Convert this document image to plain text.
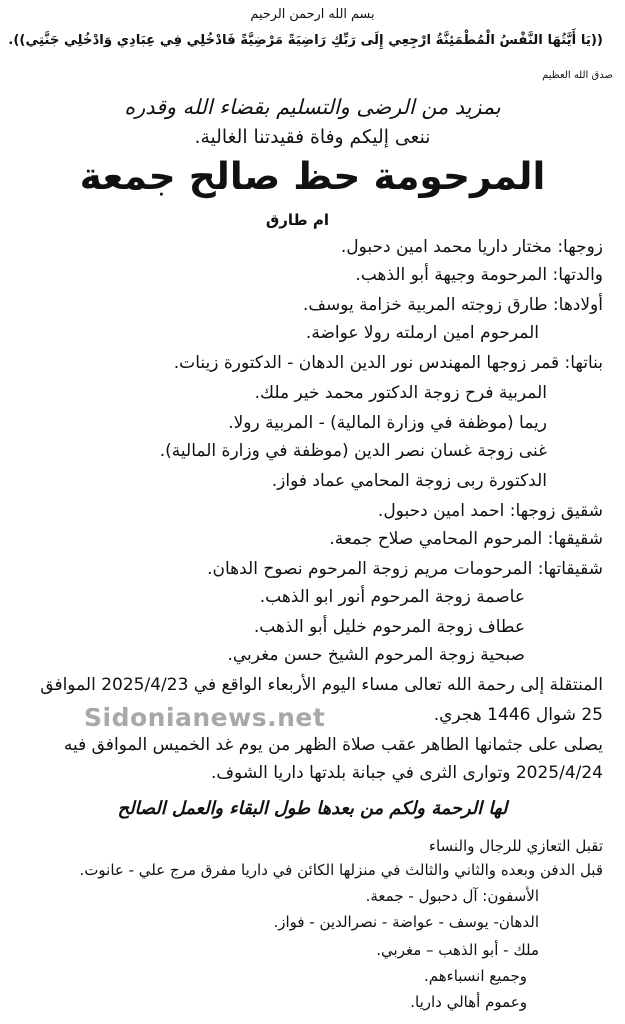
بسم الله ارحمن الرحيم
((يَا أَيَّتُهَا النَّفْسُ الْمُطْمَئِنَّةُ ارْجِعِي إِلَى رَبِّكِ رَاضِيَةً مَرْضِيَّةً فَادْخُلِي فِي عِبَادِي وَادْخُلِي جَنَّتِي)).
صدق الله العظيم
بمزيد من الرضى والتسليم بقضاء الله وقدره
ننعى إليكم وفاة فقيدتنا الغالية.
المرحومة حظ صالح جمعة
ام طارق
زوجها: مختار داريا محمد امين دحبول.
والدتها: المرحومة وجيهة أبو الذهب.
أولادها: طارق زوجته المربية خزامة يوسف.
المرحوم امين ارملته رولا عواضة.
بناتها: قمر زوجها المهندس نور الدين الدهان - الدكتورة زينات.
المربية فرح زوجة الدكتور محمد خير ملك.
ريما (موظفة في وزارة المالية) - المربية رولا.
غنى زوجة غسان نصر الدين (موظفة في وزارة المالية).
الدكتورة ربى زوجة المحامي عماد فواز.
شقيق زوجها: احمد امين دحبول.
شقيقها: المرحوم المحامي صلاح جمعة.
شقيقاتها: المرحومات مريم زوجة المرحوم نصوح الدهان.
عاصمة زوجة المرحوم أنور ابو الذهب.
عطاف زوجة المرحوم خليل أبو الذهب.
صبحية زوجة المرحوم الشيخ حسن مغربي.
المنتقلة إلى رحمة الله تعالى مساء اليوم الأربعاء الواقع في 2025/4/23 الموافق
25 شوال 1446 هجري.
يصلى على جثمانها الطاهر عقب صلاة الظهر من يوم غد الخميس الموافق فيه
2025/4/24 وتوارى الثرى في جبانة بلدتها داريا الشوف.
لها الرحمة ولكم من بعدها طول البقاء والعمل الصالح
تقبل التعازي للرجال والنساء
قبل الدفن وبعده والثاني والثالث في منزلها الكائن في داريا مفرق مرج علي - عانوت.
الأسفون: آل دحبول - جمعة.
الدهان- يوسف - عواضة - نصرالدين - فواز.
ملك - أبو الذهب – مغربي.
وجميع انسباءهم.
وعموم أهالي داريا.
Sidonianews.net
